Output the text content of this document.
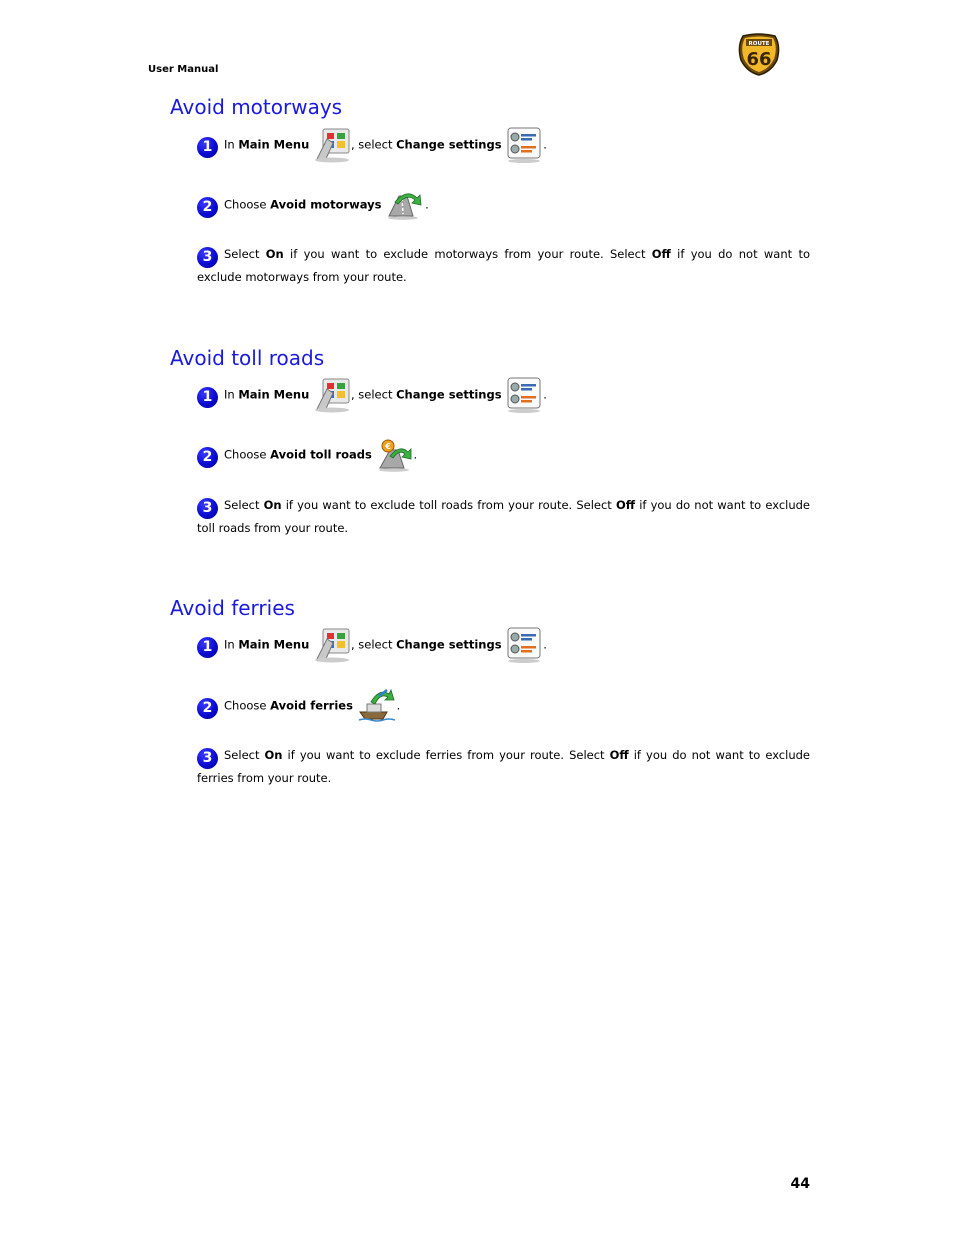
User Manual
ROUTE
66
Avoid motorways
1 In Main Menu	, select Change settings	.
2 Choose Avoid motorways	.
3 Select On if you want to exclude motorways from your route. Select Off if you do not want to exclude motorways from your route.
Avoid toll roads
1 In Main Menu	, select Change settings	.
2 Choose Avoid toll roads
€
.
3 Select On if you want to exclude toll roads from your route. Select Off if you do not want to exclude toll roads from your route.
Avoid ferries
1 In Main Menu	, select Change settings	.
2 Choose Avoid ferries	.
3 Select On if you want to exclude ferries from your route. Select Off if you do not want to exclude ferries from your route.
44
